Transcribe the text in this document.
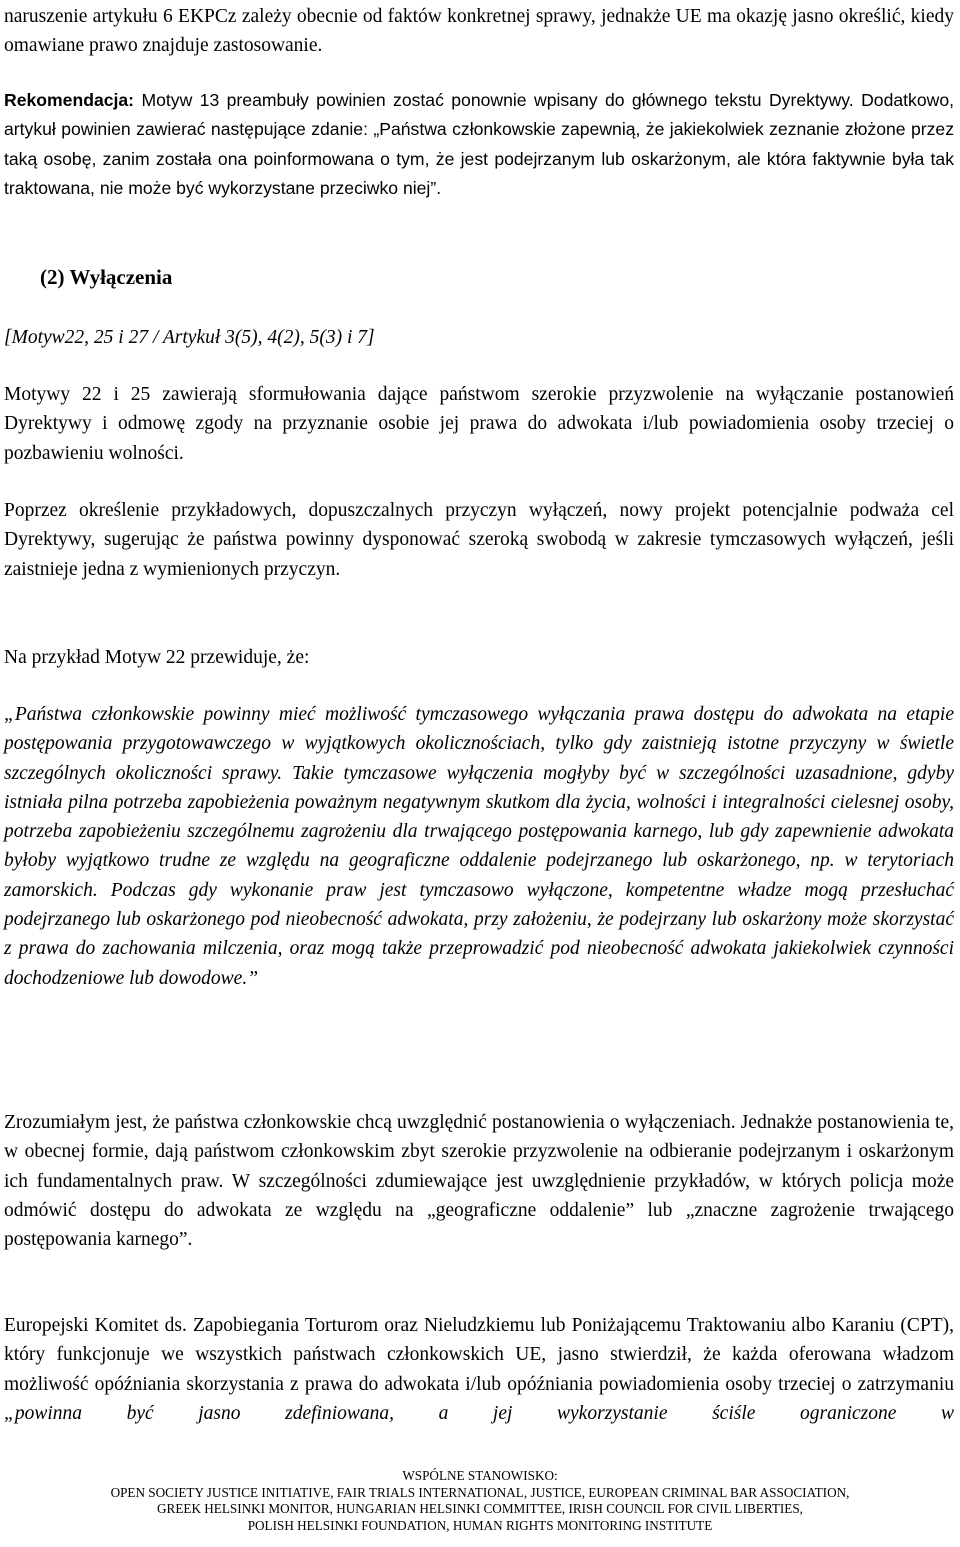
naruszenie artykułu 6 EKPCz zależy obecnie od faktów konkretnej sprawy, jednakże UE ma okazję jasno określić, kiedy omawiane prawo znajduje zastosowanie.

Rekomendacja: Motyw 13 preambuły powinien zostać ponownie wpisany do głównego tekstu Dyrektywy. Dodatkowo, artykuł powinien zawierać następujące zdanie: „Państwa członkowskie zapewnią, że jakiekolwiek zeznanie złożone przez taką osobę, zanim została ona poinformowana o tym, że jest podejrzanym lub oskarżonym, ale która faktywnie była tak traktowana, nie może być wykorzystane przeciwko niej”.

(2) Wyłączenia

[Motyw22, 25 i 27 / Artykuł 3(5), 4(2), 5(3) i 7]

Motywy 22 i 25 zawierają sformułowania dające państwom szerokie przyzwolenie na wyłączanie postanowień Dyrektywy i odmowę zgody na przyznanie osobie jej prawa do adwokata i/lub powiadomienia osoby trzeciej o pozbawieniu wolności.

Poprzez określenie przykładowych, dopuszczalnych przyczyn wyłączeń, nowy projekt potencjalnie podważa cel Dyrektywy, sugerując że państwa powinny dysponować szeroką swobodą w zakresie tymczasowych wyłączeń, jeśli zaistnieje jedna z wymienionych przyczyn.

Na przykład Motyw 22 przewiduje, że:

„Państwa członkowskie powinny mieć możliwość tymczasowego wyłączania prawa dostępu do adwokata na etapie postępowania przygotowawczego w wyjątkowych okolicznościach, tylko gdy zaistnieją istotne przyczyny w świetle szczególnych okoliczności sprawy. Takie tymczasowe wyłączenia mogłyby być w szczególności uzasadnione, gdyby istniała pilna potrzeba zapobieżenia poważnym negatywnym skutkom dla życia, wolności i integralności cielesnej osoby, potrzeba zapobieżeniu szczególnemu zagrożeniu dla trwającego postępowania karnego, lub gdy zapewnienie adwokata byłoby wyjątkowo trudne ze względu na geograficzne oddalenie podejrzanego lub oskarżonego, np. w terytoriach zamorskich. Podczas gdy wykonanie praw jest tymczasowo wyłączone, kompetentne władze mogą przesłuchać podejrzanego lub oskarżonego pod nieobecność adwokata, przy założeniu, że podejrzany lub oskarżony może skorzystać z prawa do zachowania milczenia, oraz mogą także przeprowadzić pod nieobecność adwokata jakiekolwiek czynności dochodzeniowe lub dowodowe.”

Zrozumiałym jest, że państwa członkowskie chcą uwzględnić postanowienia o wyłączeniach. Jednakże postanowienia te, w obecnej formie, dają państwom członkowskim zbyt szerokie przyzwolenie na odbieranie podejrzanym i oskarżonym ich fundamentalnych praw. W szczególności zdumiewające jest uwzględnienie przykładów, w których policja może odmówić dostępu do adwokata ze względu na „geograficzne oddalenie” lub „znaczne zagrożenie trwającego postępowania karnego”.

Europejski Komitet ds. Zapobiegania Torturom oraz Nieludzkiemu lub Poniżającemu Traktowaniu albo Karaniu (CPT), który funkcjonuje we wszystkich państwach członkowskich UE, jasno stwierdził, że każda oferowana władzom możliwość opóźniania skorzystania z prawa do adwokata i/lub opóźniania powiadomienia osoby trzeciej o zatrzymaniu „powinna być jasno zdefiniowana, a jej wykorzystanie ściśle ograniczone w

WSPÓLNE STANOWISKO:
OPEN SOCIETY JUSTICE INITIATIVE, FAIR TRIALS INTERNATIONAL, JUSTICE, EUROPEAN CRIMINAL BAR ASSOCIATION,
GREEK HELSINKI MONITOR, HUNGARIAN HELSINKI COMMITTEE, IRISH COUNCIL FOR CIVIL LIBERTIES,
POLISH HELSINKI FOUNDATION, HUMAN RIGHTS MONITORING INSTITUTE
